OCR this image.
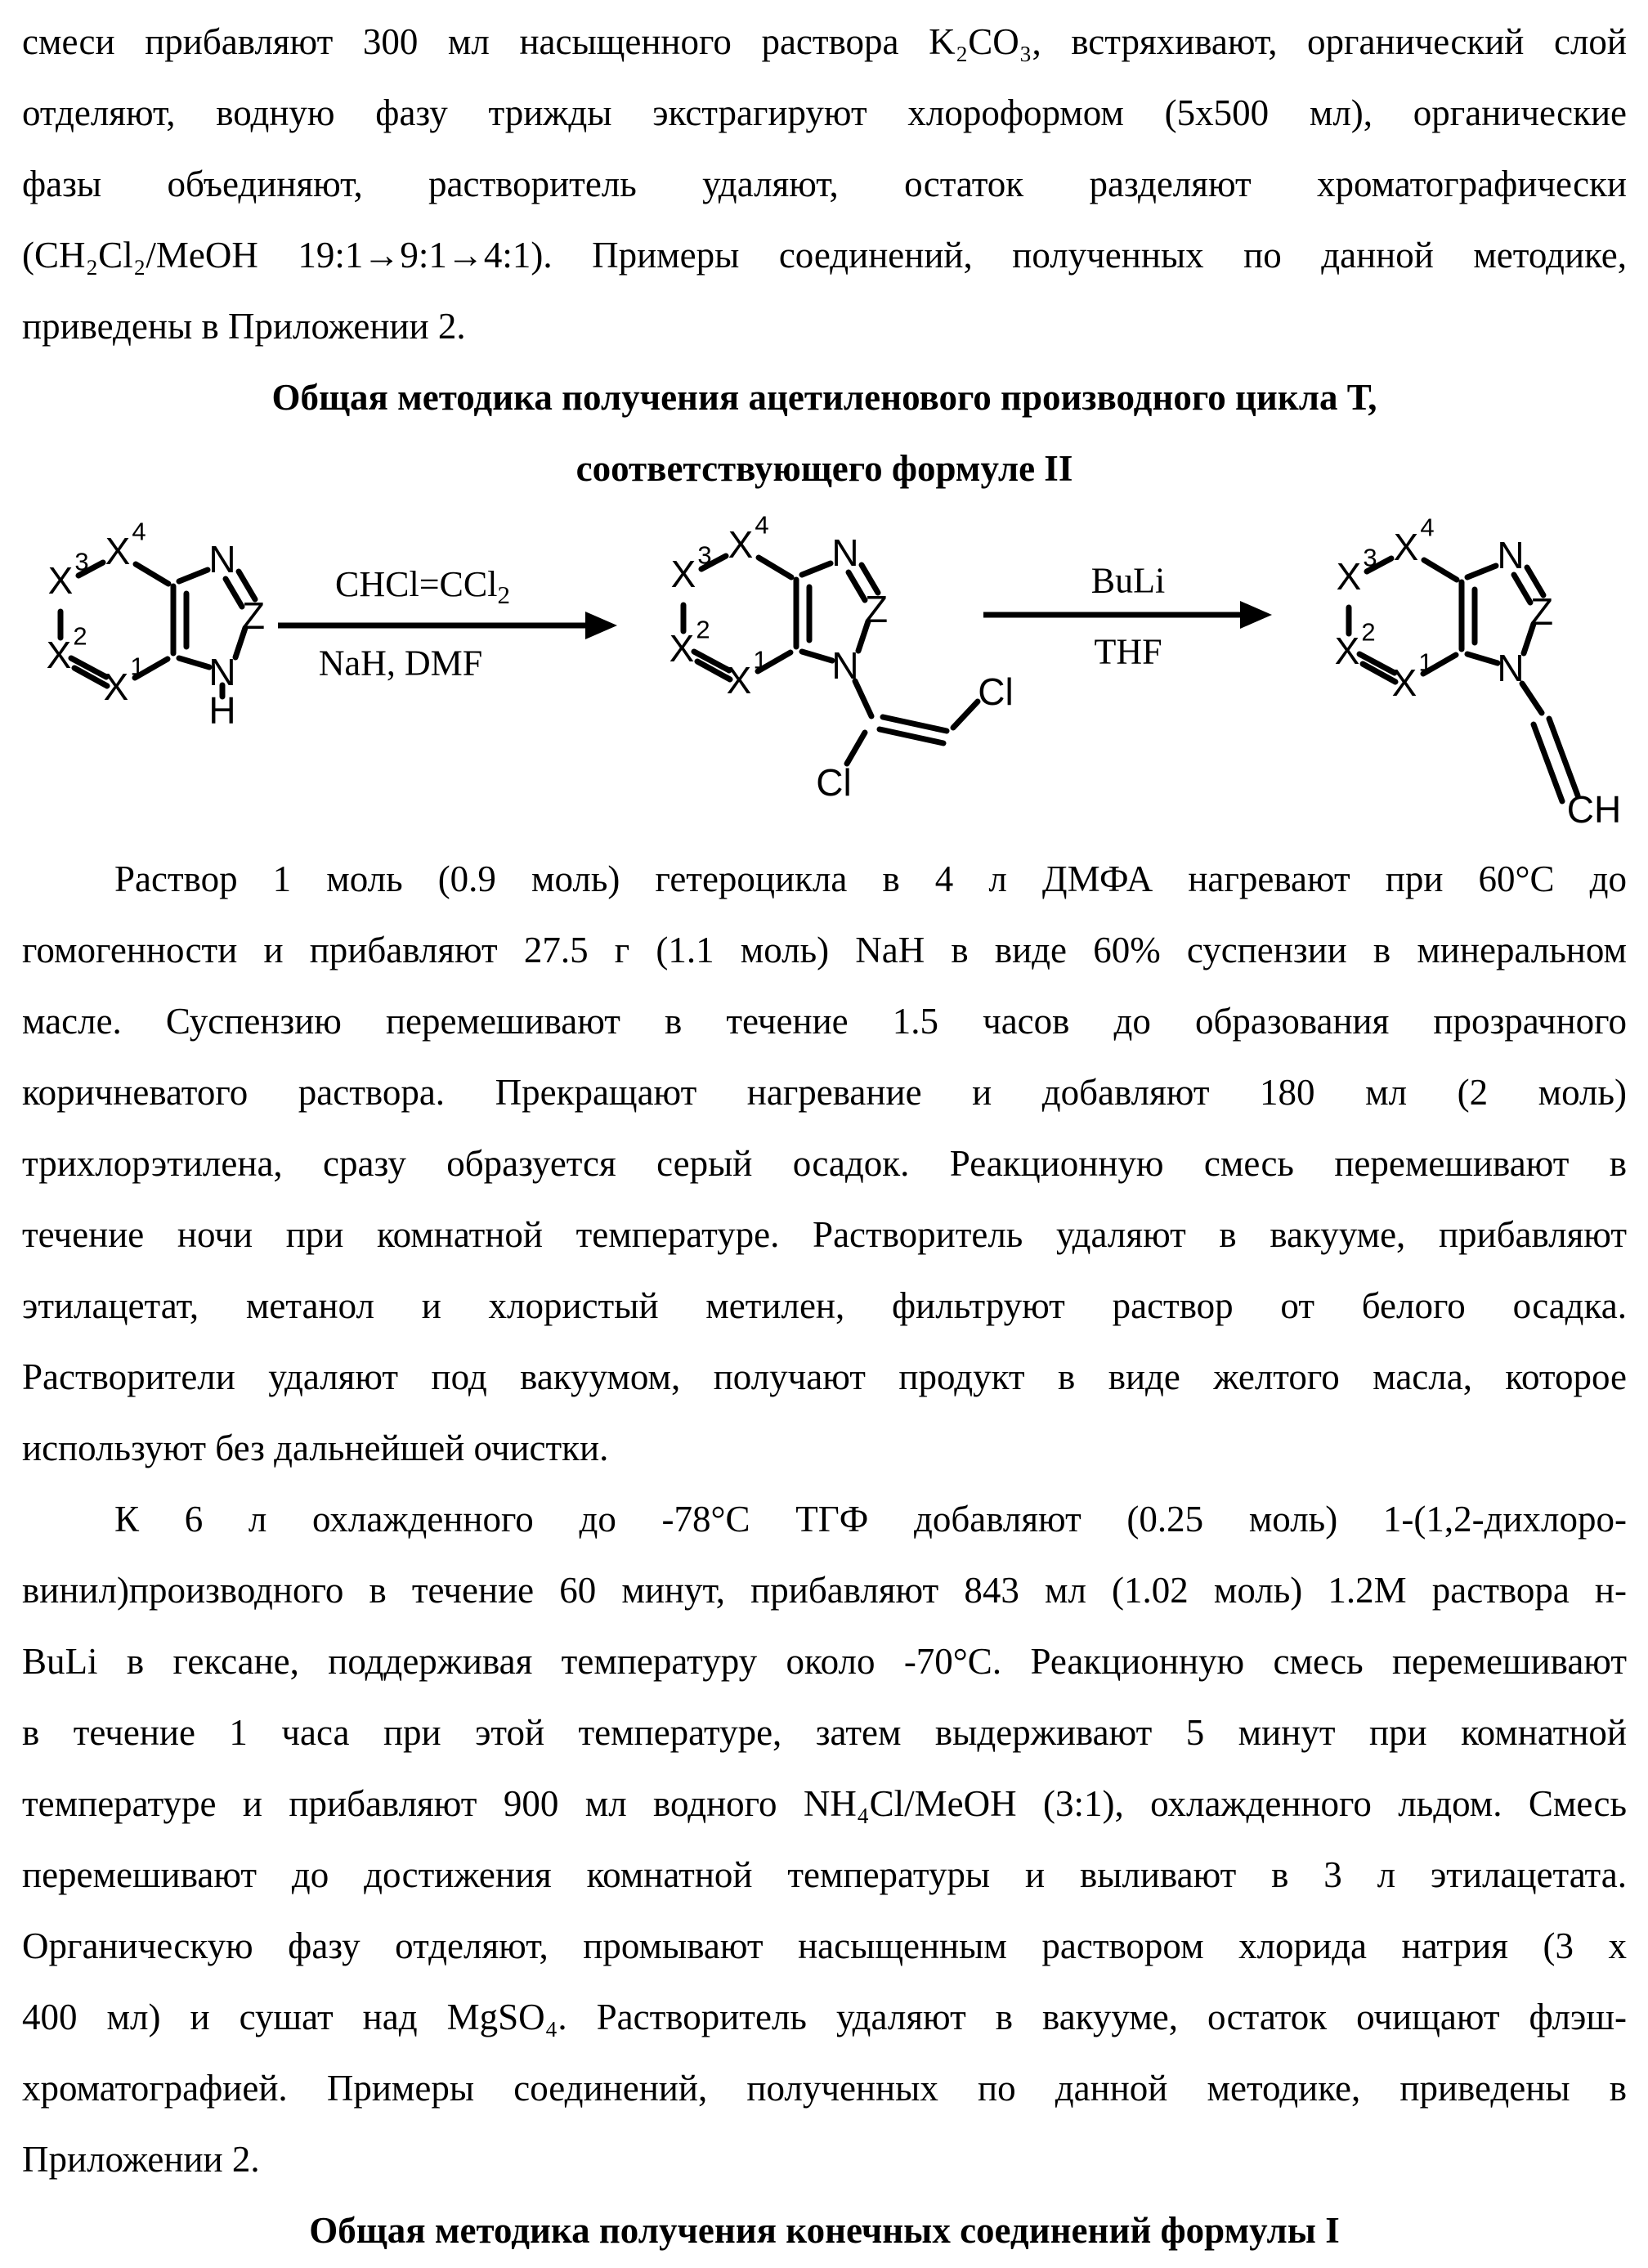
смеси прибавляют 300 мл насыщенного раствора K₂CO₃, встряхивают, органический слой
отделяют, водную фазу трижды экстрагируют хлороформом (5x500 мл), органические
фазы объединяют, растворитель удаляют, остаток разделяют хроматографически
(CH₂Cl₂/MeOH 19:1→9:1→4:1). Примеры соединений, полученных по данной методике,
приведены в Приложении 2.
Общая методика получения ацетиленового производного цикла Т,
соответствующего формуле II
H
CHCl=CCl$_2$
NaH, DMF
Cl
Cl
BuLi
THF
CH
Раствор 1 моль (0.9 моль) гетероцикла в 4 л ДМФА нагревают при 60°С до
гомогенности и прибавляют 27.5 г (1.1 моль) NaH в виде 60% суспензии в минеральном
масле. Суспензию перемешивают в течение 1.5 часов до образования прозрачного
коричневатого раствора. Прекращают нагревание и добавляют 180 мл (2 моль)
трихлорэтилена, сразу образуется серый осадок. Реакционную смесь перемешивают в
течение ночи при комнатной температуре. Растворитель удаляют в вакууме, прибавляют
этилацетат, метанол и хлористый метилен, фильтруют раствор от белого осадка.
Растворители удаляют под вакуумом, получают продукт в виде желтого масла, которое
используют без дальнейшей очистки.
К 6 л охлажденного до -78°С ТГФ добавляют (0.25 моль) 1-(1,2-дихлоро-
винил)производного в течение 60 минут, прибавляют 843 мл (1.02 моль) 1.2М раствора н-
BuLi в гексане, поддерживая температуру около -70°С. Реакционную смесь перемешивают
в течение 1 часа при этой температуре, затем выдерживают 5 минут при комнатной
температуре и прибавляют 900 мл водного NH₄Cl/MeOH (3:1), охлажденного льдом. Смесь
перемешивают до достижения комнатной температуры и выливают в 3 л этилацетата.
Органическую фазу отделяют, промывают насыщенным раствором хлорида натрия (3 х
400 мл) и сушат над MgSO₄. Растворитель удаляют в вакууме, остаток очищают флэш-
хроматографией. Примеры соединений, полученных по данной методике, приведены в
Приложении 2.
Общая методика получения конечных соединений формулы I
